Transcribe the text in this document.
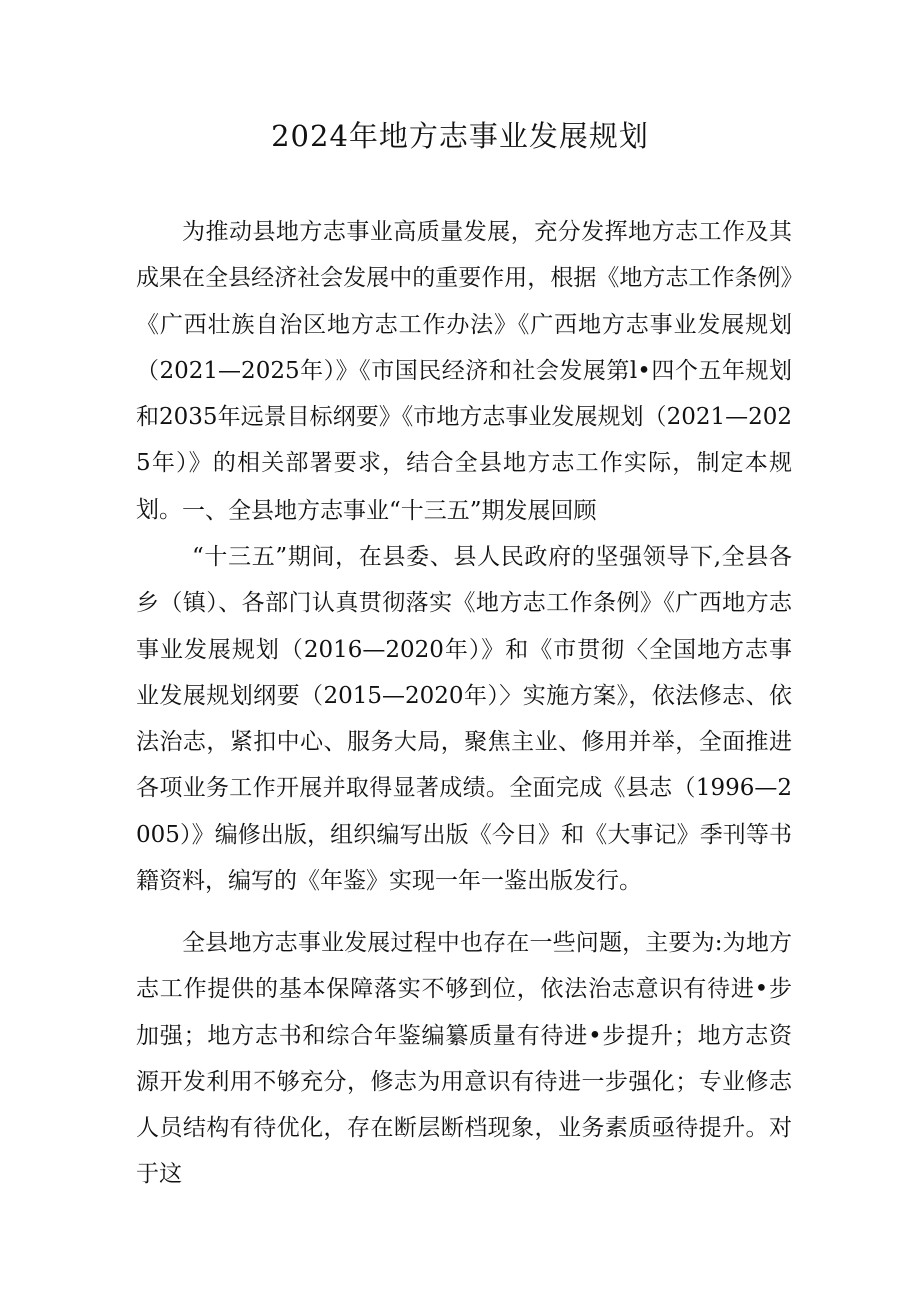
2024年地方志事业发展规划

为推动县地方志事业高质量发展，充分发挥地方志工作及其成果在全县经济社会发展中的重要作用，根据《地方志工作条例》《广西壮族自治区地方志工作办法》《广西地方志事业发展规划（2021—2025年）》《市国民经济和社会发展第l•四个五年规划和2035年远景目标纲要》《市地方志事业发展规划（2021—2025年）》的相关部署要求，结合全县地方志工作实际，制定本规划。 一、全县地方志事业“十三五”期发展回顾

“十三五”期间，在县委、县人民政府的坚强领导下,全县各乡（镇）、各部门认真贯彻落实《地方志工作条例》《广西地方志事业发展规划（2016—2020年）》和《市贯彻〈全国地方志事业发展规划纲要（2015—2020年）〉实施方案》，依法修志、依法治志，紧扣中心、服务大局，聚焦主业、修用并举，全面推进各项业务工作开展并取得显著成绩。全面完成《县志（1996—2005）》编修出版，组织编写出版《今日》和《大事记》季刊等书籍资料，编写的《年鉴》实现一年一鉴出版发行。

全县地方志事业发展过程中也存在一些问题，主要为:为地方志工作提供的基本保障落实不够到位，依法治志意识有待进•步加强；地方志书和综合年鉴编纂质量有待进•步提升；地方志资源开发利用不够充分，修志为用意识有待进一步强化；专业修志人员结构有待优化，存在断层断档现象，业务素质亟待提升。对于这
